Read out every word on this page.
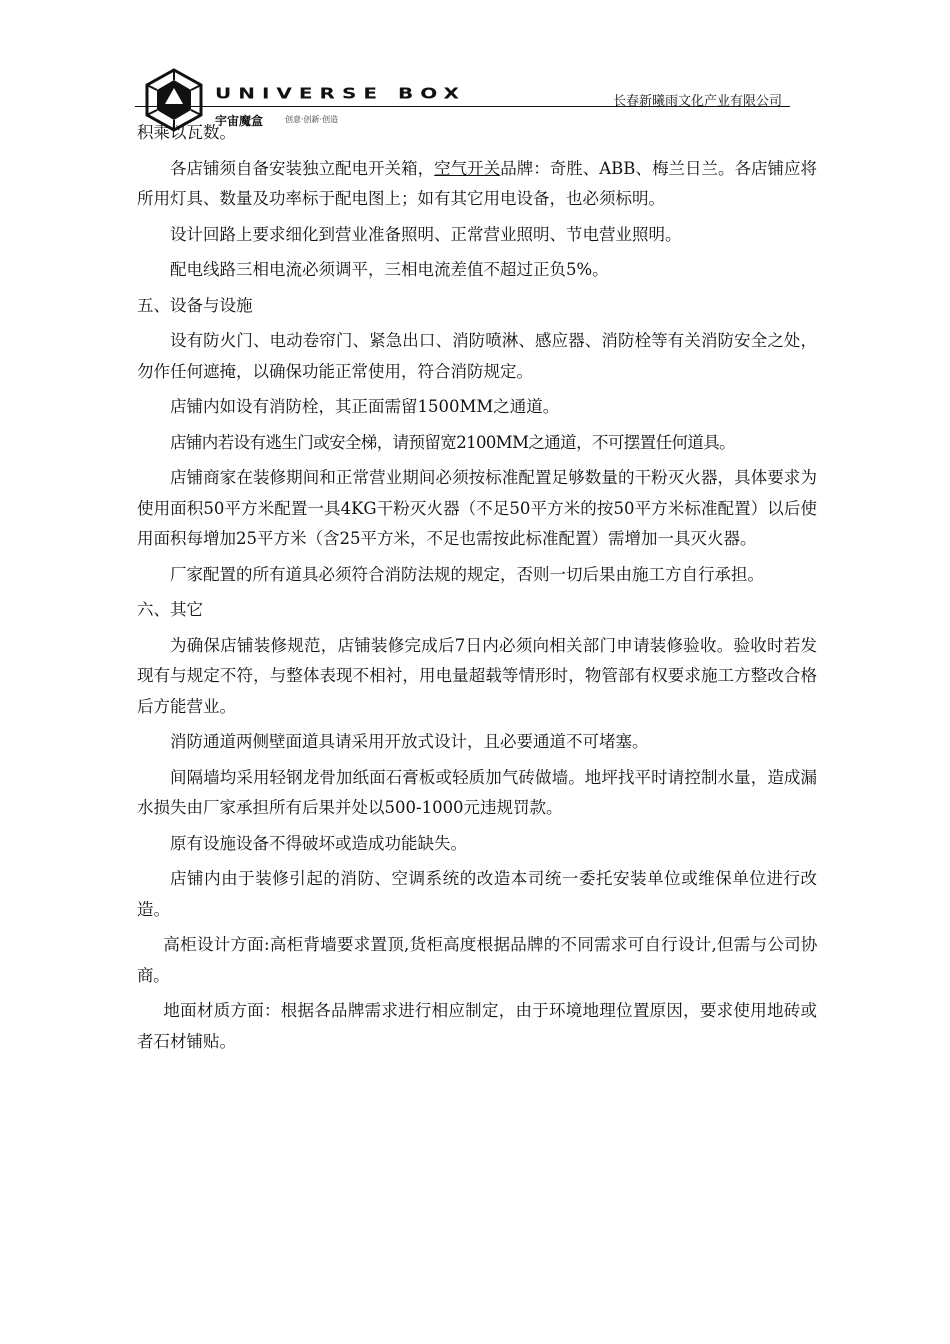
UNIVERSE BOX
宇宙魔盒	创意·创新·创造
长春新曦雨文化产业有限公司

积乘以瓦数。

各店铺须自备安装独立配电开关箱，空气开关品牌：奇胜、ABB、梅兰日兰。各店铺应将所用灯具、数量及功率标于配电图上；如有其它用电设备，也必须标明。

设计回路上要求细化到营业准备照明、正常营业照明、节电营业照明。

配电线路三相电流必须调平，三相电流差值不超过正负5%。

五、设备与设施

设有防火门、电动卷帘门、紧急出口、消防喷淋、感应器、消防栓等有关消防安全之处，勿作任何遮掩，以确保功能正常使用，符合消防规定。

店铺内如设有消防栓，其正面需留1500MM之通道。

店铺内若设有逃生门或安全梯，请预留宽2100MM之通道，不可摆置任何道具。

店铺商家在装修期间和正常营业期间必须按标准配置足够数量的干粉灭火器，具体要求为使用面积50平方米配置一具4KG干粉灭火器（不足50平方米的按50平方米标准配置）以后使用面积每增加25平方米（含25平方米，不足也需按此标准配置）需增加一具灭火器。

厂家配置的所有道具必须符合消防法规的规定，否则一切后果由施工方自行承担。

六、其它

为确保店铺装修规范，店铺装修完成后7日内必须向相关部门申请装修验收。验收时若发现有与规定不符，与整体表现不相衬，用电量超载等情形时，物管部有权要求施工方整改合格后方能营业。

消防通道两侧壁面道具请采用开放式设计，且必要通道不可堵塞。

间隔墙均采用轻钢龙骨加纸面石膏板或轻质加气砖做墙。地坪找平时请控制水量，造成漏水损失由厂家承担所有后果并处以500-1000元违规罚款。

原有设施设备不得破坏或造成功能缺失。

店铺内由于装修引起的消防、空调系统的改造本司统一委托安装单位或维保单位进行改造。

高柜设计方面:高柜背墙要求置顶,货柜高度根据品牌的不同需求可自行设计,但需与公司协商。

地面材质方面：根据各品牌需求进行相应制定，由于环境地理位置原因，要求使用地砖或者石材铺贴。
